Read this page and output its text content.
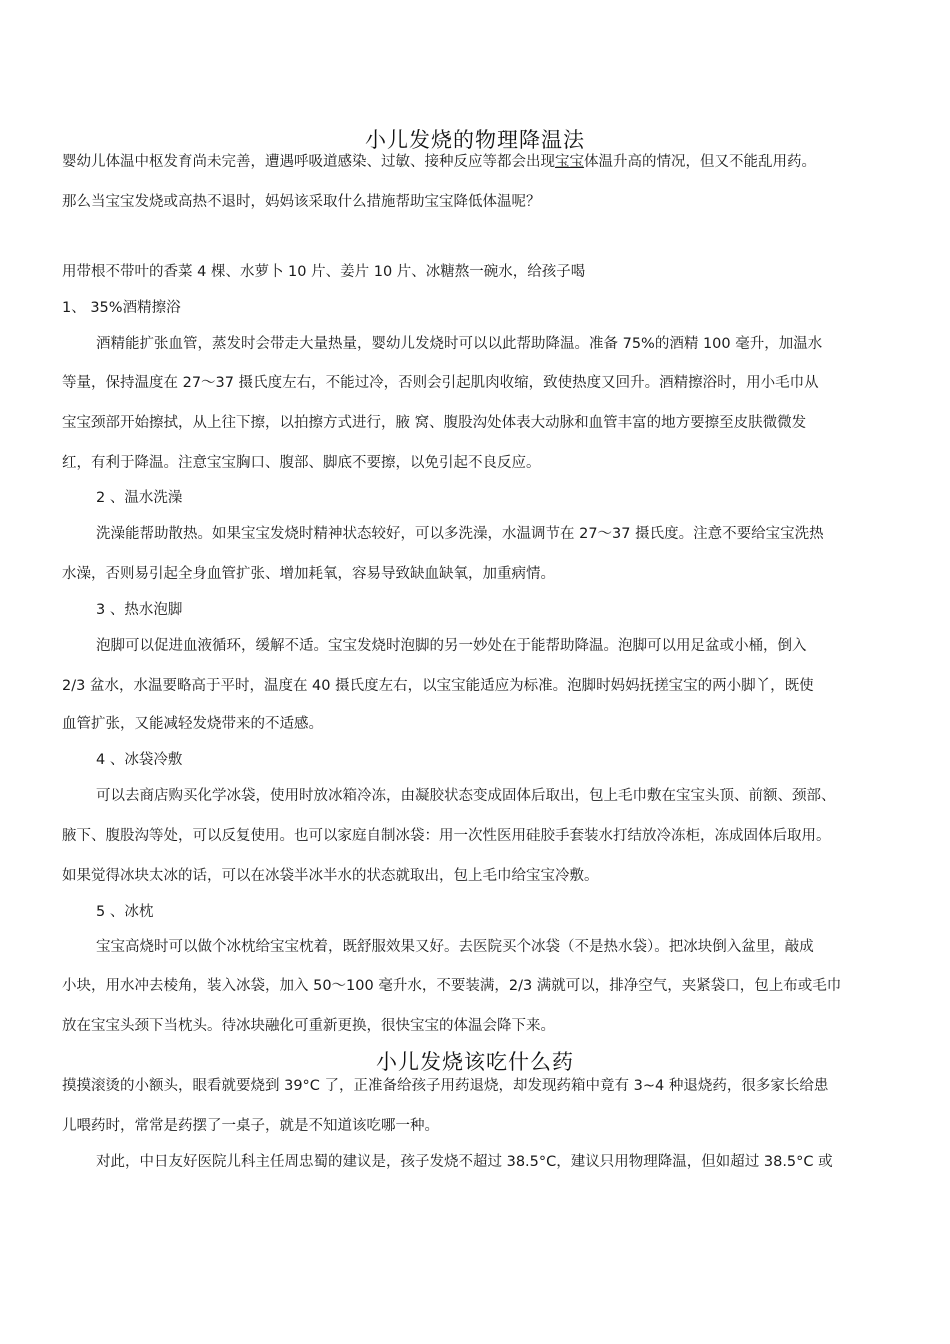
小儿发烧的物理降温法
婴幼儿体温中枢发育尚未完善，遭遇呼吸道感染、过敏、接种反应等都会出现宝宝体温升高的情况，但又不能乱用药。
那么当宝宝发烧或高热不退时，妈妈该采取什么措施帮助宝宝降低体温呢？
用带根不带叶的香菜 4 棵、水萝卜 10 片、姜片 10 片、冰糖熬一碗水，给孩子喝
1、 35%酒精擦浴
酒精能扩张血管，蒸发时会带走大量热量，婴幼儿发烧时可以以此帮助降温。准备 75%的酒精 100 毫升，加温水
等量，保持温度在 27～37 摄氏度左右，不能过冷，否则会引起肌肉收缩，致使热度又回升。酒精擦浴时，用小毛巾从
宝宝颈部开始擦拭，从上往下擦，以拍擦方式进行，腋 窝、腹股沟处体表大动脉和血管丰富的地方要擦至皮肤微微发
红，有利于降温。注意宝宝胸口、腹部、脚底不要擦，以免引起不良反应。
2 、温水洗澡
洗澡能帮助散热。如果宝宝发烧时精神状态较好，可以多洗澡，水温调节在 27～37 摄氏度。注意不要给宝宝洗热
水澡，否则易引起全身血管扩张、增加耗氧，容易导致缺血缺氧，加重病情。
3 、热水泡脚
泡脚可以促进血液循环，缓解不适。宝宝发烧时泡脚的另一妙处在于能帮助降温。泡脚可以用足盆或小桶，倒入
2/3 盆水，水温要略高于平时，温度在 40 摄氏度左右，以宝宝能适应为标准。泡脚时妈妈抚搓宝宝的两小脚丫，既使
血管扩张，又能减轻发烧带来的不适感。
4 、冰袋冷敷
可以去商店购买化学冰袋，使用时放冰箱冷冻，由凝胶状态变成固体后取出，包上毛巾敷在宝宝头顶、前额、颈部、
腋下、腹股沟等处，可以反复使用。也可以家庭自制冰袋：用一次性医用硅胶手套装水打结放冷冻柜，冻成固体后取用。
如果觉得冰块太冰的话，可以在冰袋半冰半水的状态就取出，包上毛巾给宝宝冷敷。
5 、冰枕
宝宝高烧时可以做个冰枕给宝宝枕着，既舒服效果又好。去医院买个冰袋（不是热水袋）。把冰块倒入盆里，敲成
小块，用水冲去棱角，装入冰袋，加入 50～100 毫升水，不要装满，2/3 满就可以，排净空气，夹紧袋口，包上布或毛巾
放在宝宝头颈下当枕头。待冰块融化可重新更换，很快宝宝的体温会降下来。
小儿发烧该吃什么药
摸摸滚烫的小额头，眼看就要烧到 39°C 了，正准备给孩子用药退烧，却发现药箱中竟有 3~4 种退烧药，很多家长给患
儿喂药时，常常是药摆了一桌子，就是不知道该吃哪一种。
对此，中日友好医院儿科主任周忠蜀的建议是，孩子发烧不超过 38.5°C，建议只用物理降温，但如超过 38.5°C 或
